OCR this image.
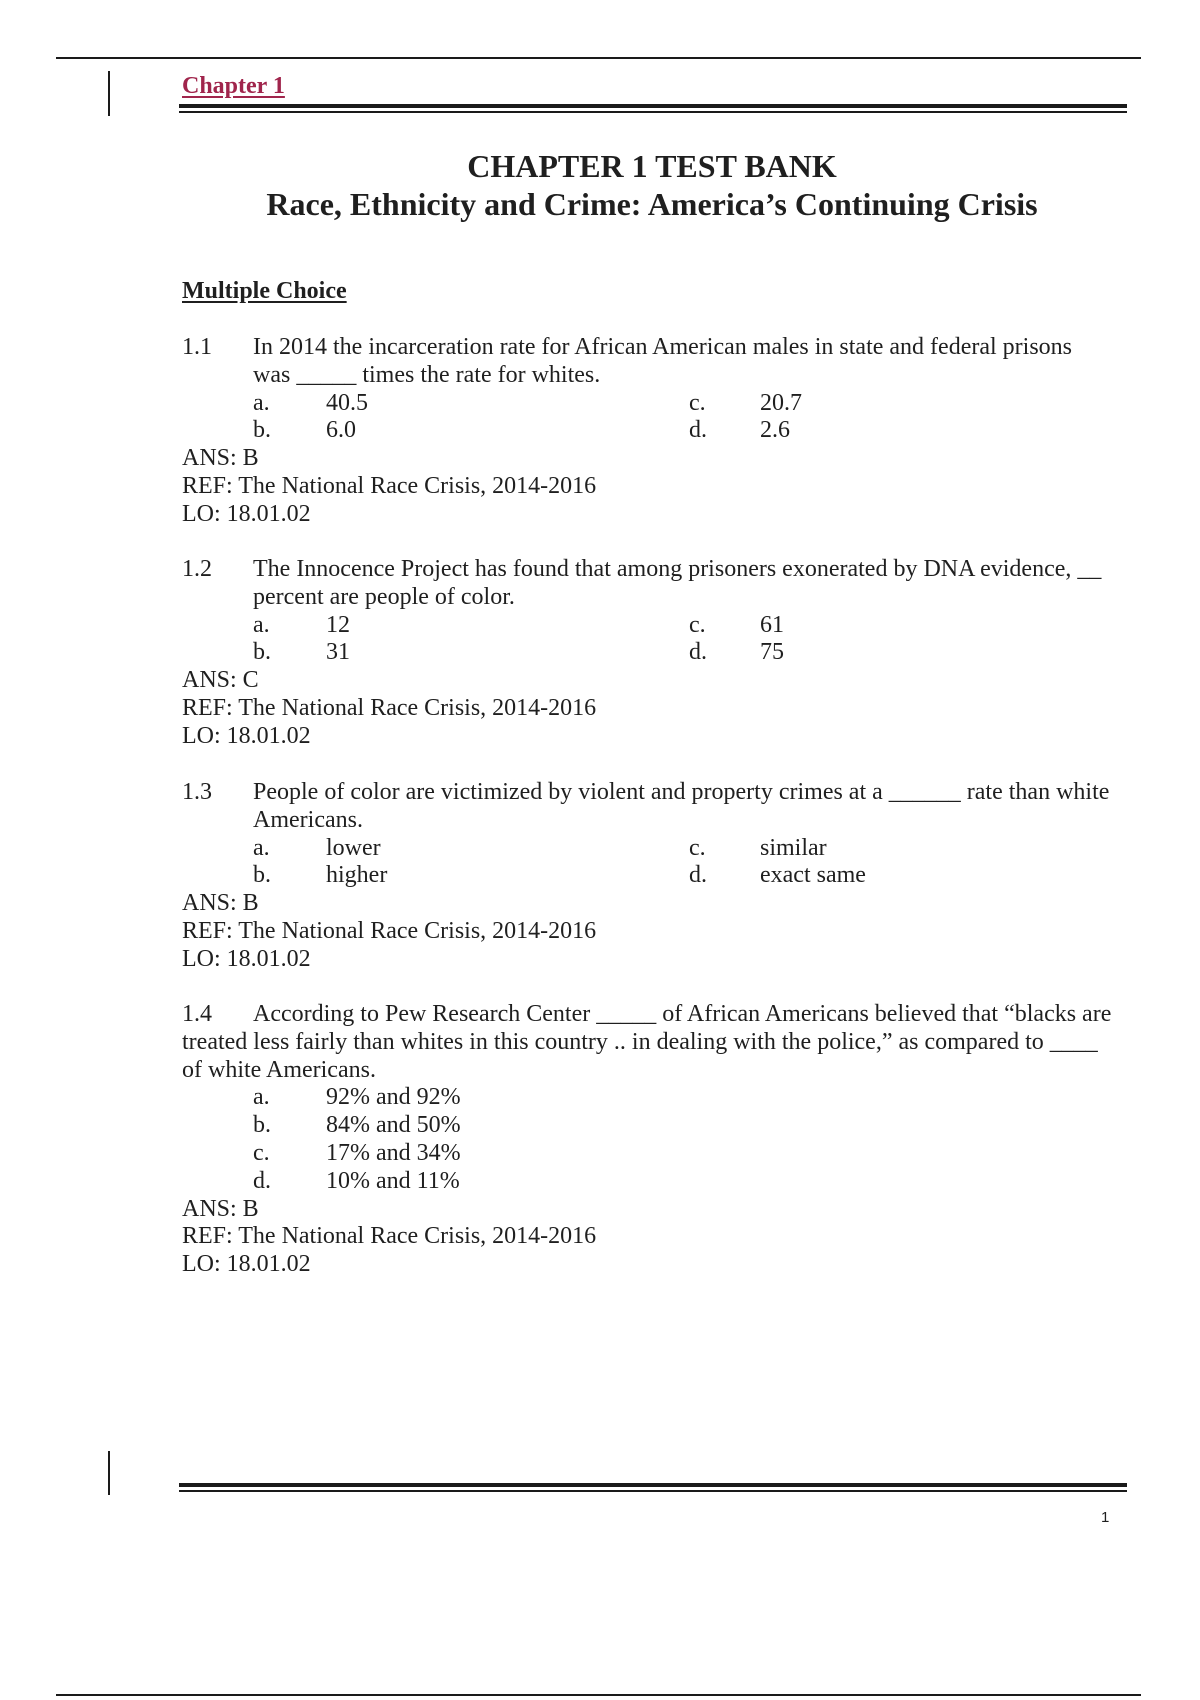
Chapter 1
CHAPTER 1 TEST BANK
Race, Ethnicity and Crime: America’s Continuing Crisis
Multiple Choice
1.1 In 2014 the incarceration rate for African American males in state and federal prisons
was _____ times the rate for whites.
a. 40.5	c. 20.7
b. 6.0	d. 2.6
ANS: B
REF: The National Race Crisis, 2014-2016
LO: 18.01.02
1.2 The Innocence Project has found that among prisoners exonerated by DNA evidence, __
percent are people of color.
a. 12	c. 61
b. 31	d. 75
ANS: C
REF: The National Race Crisis, 2014-2016
LO: 18.01.02
1.3 People of color are victimized by violent and property crimes at a ______ rate than white
Americans.
a. lower	c. similar
b. higher	d. exact same
ANS: B
REF: The National Race Crisis, 2014-2016
LO: 18.01.02
1.4 According to Pew Research Center _____ of African Americans believed that “blacks are
treated less fairly than whites in this country .. in dealing with the police,” as compared to ____
of white Americans.
a. 92% and 92%
b. 84% and 50%
c. 17% and 34%
d. 10% and 11%
ANS: B
REF: The National Race Crisis, 2014-2016
LO: 18.01.02
1
